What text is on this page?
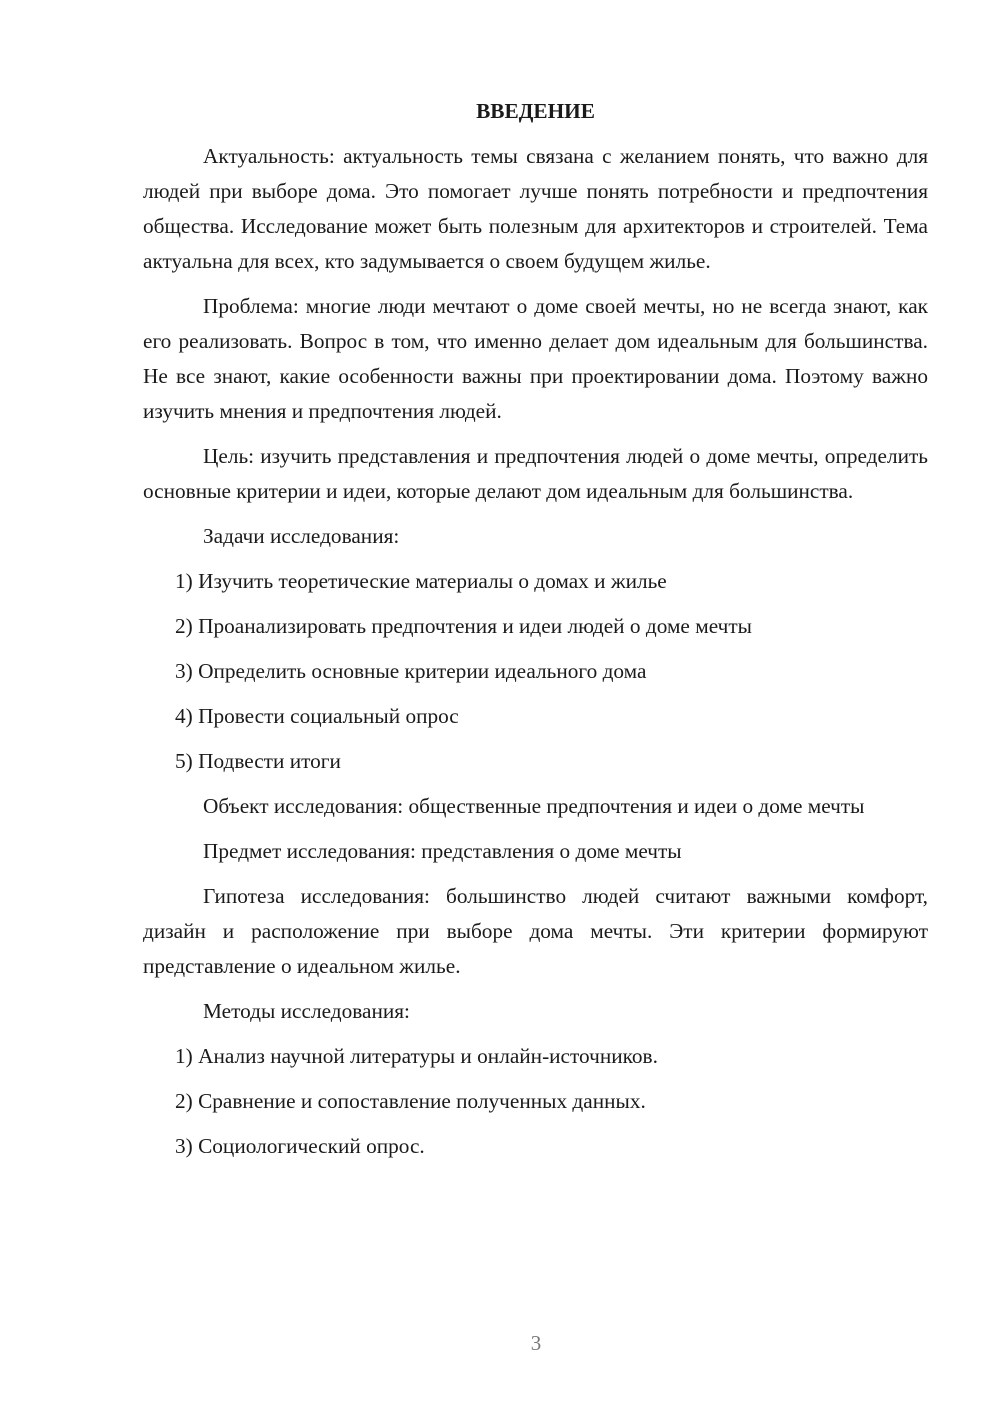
ВВЕДЕНИЕ

Актуальность: актуальность темы связана с желанием понять, что важно для людей при выборе дома. Это помогает лучше понять потребности и предпочтения общества. Исследование может быть полезным для архитекторов и строителей. Тема актуальна для всех, кто задумывается о своем будущем жилье.

Проблема: многие люди мечтают о доме своей мечты, но не всегда знают, как его реализовать. Вопрос в том, что именно делает дом идеальным для большинства. Не все знают, какие особенности важны при проектировании дома. Поэтому важно изучить мнения и предпочтения людей.

Цель: изучить представления и предпочтения людей о доме мечты, определить основные критерии и идеи, которые делают дом идеальным для большинства.

Задачи исследования:

1) Изучить теоретические материалы о домах и жилье
2) Проанализировать предпочтения и идеи людей о доме мечты
3) Определить основные критерии идеального дома
4) Провести социальный опрос
5) Подвести итоги

Объект исследования: общественные предпочтения и идеи о доме мечты

Предмет исследования: представления о доме мечты

Гипотеза исследования: большинство людей считают важными комфорт, дизайн и расположение при выборе дома мечты. Эти критерии формируют представление о идеальном жилье.

Методы исследования:

1) Анализ научной литературы и онлайн-источников.
2) Сравнение и сопоставление полученных данных.
3) Социологический опрос.
3
